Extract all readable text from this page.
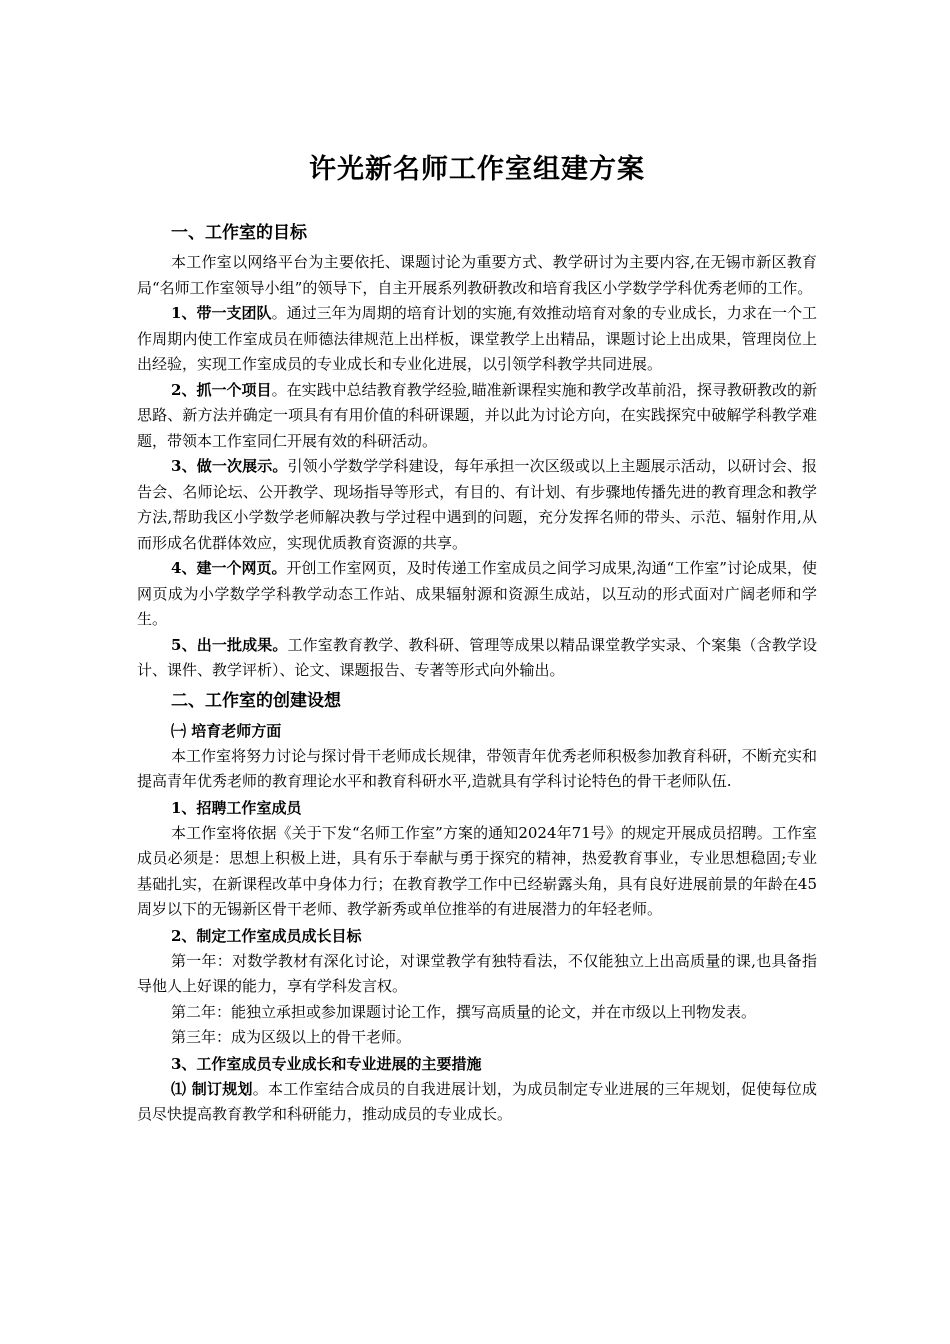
许光新名师工作室组建方案
一、工作室的目标

本工作室以网络平台为主要依托、课题讨论为重要方式、教学研讨为主要内容,在无锡市新区教育局“名师工作室领导小组”的领导下，自主开展系列教研教改和培育我区小学数学学科优秀老师的工作。

1、带一支团队。通过三年为周期的培育计划的实施,有效推动培育对象的专业成长，力求在一个工作周期内使工作室成员在师德法律规范上出样板，课堂教学上出精品，课题讨论上出成果，管理岗位上出经验，实现工作室成员的专业成长和专业化进展，以引领学科教学共同进展。

2、抓一个项目。在实践中总结教育教学经验,瞄准新课程实施和教学改革前沿，探寻教研教改的新思路、新方法并确定一项具有有用价值的科研课题，并以此为讨论方向，在实践探究中破解学科教学难题，带领本工作室同仁开展有效的科研活动。

3、做一次展示。引领小学数学学科建设，每年承担一次区级或以上主题展示活动，以研讨会、报告会、名师论坛、公开教学、现场指导等形式，有目的、有计划、有步骤地传播先进的教育理念和教学方法,帮助我区小学数学老师解决教与学过程中遇到的问题，充分发挥名师的带头、示范、辐射作用,从而形成名优群体效应，实现优质教育资源的共享。

4、建一个网页。开创工作室网页，及时传递工作室成员之间学习成果,沟通“工作室”讨论成果，使网页成为小学数学学科教学动态工作站、成果辐射源和资源生成站，以互动的形式面对广阔老师和学生。

5、出一批成果。工作室教育教学、教科研、管理等成果以精品课堂教学实录、个案集（含教学设计、课件、教学评析）、论文、课题报告、专著等形式向外输出。

二、工作室的创建设想
㈠ 培育老师方面

本工作室将努力讨论与探讨骨干老师成长规律，带领青年优秀老师积极参加教育科研，不断充实和提高青年优秀老师的教育理论水平和教育科研水平,造就具有学科讨论特色的骨干老师队伍.

1、招聘工作室成员

本工作室将依据《关于下发“名师工作室”方案的通知2024年71号》的规定开展成员招聘。工作室成员必须是：思想上积极上进，具有乐于奉献与勇于探究的精神，热爱教育事业，专业思想稳固;专业基础扎实，在新课程改革中身体力行；在教育教学工作中已经崭露头角，具有良好进展前景的年龄在45周岁以下的无锡新区骨干老师、教学新秀或单位推举的有进展潜力的年轻老师。

2、制定工作室成员成长目标

第一年：对数学教材有深化讨论，对课堂教学有独特看法，不仅能独立上出高质量的课,也具备指导他人上好课的能力，享有学科发言权。

第二年：能独立承担或参加课题讨论工作，撰写高质量的论文，并在市级以上刊物发表。

第三年：成为区级以上的骨干老师。

3、工作室成员专业成长和专业进展的主要措施

⑴ 制订规划。本工作室结合成员的自我进展计划，为成员制定专业进展的三年规划，促使每位成员尽快提高教育教学和科研能力，推动成员的专业成长。
